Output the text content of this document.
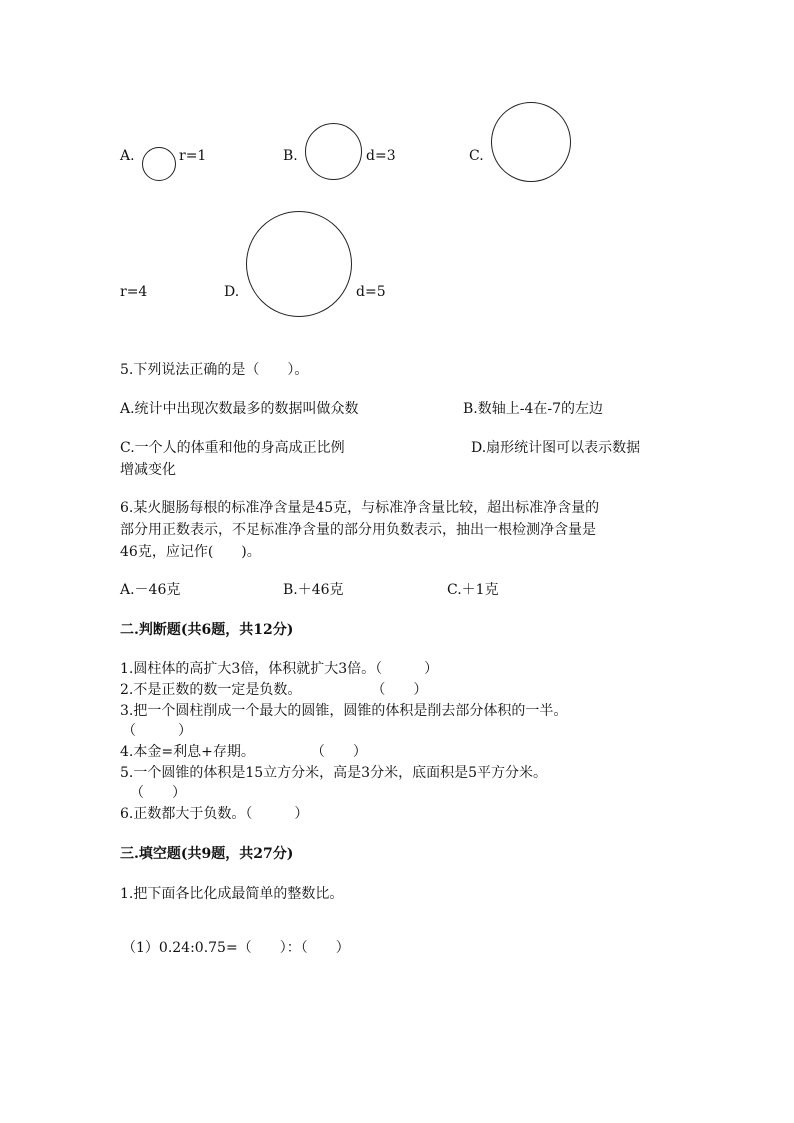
A.	r=1	B.	d=3	C.
r=4	D.	d=5
5.下列说法正确的是（　　）。
A.统计中出现次数最多的数据叫做众数	B.数轴上-4在-7的左边
C.一个人的体重和他的身高成正比例	D.扇形统计图可以表示数据
增减变化
6.某火腿肠每根的标准净含量是45克，与标准净含量比较，超出标准净含量的
部分用正数表示，不足标准净含量的部分用负数表示，抽出一根检测净含量是
46克，应记作(　　)。
A.－46克	B.＋46克	C.＋1克
二.判断题(共6题，共12分)
1.圆柱体的高扩大3倍，体积就扩大3倍。（　　　）
2.不是正数的数一定是负数。　　　　　　（　　）
3.把一个圆柱削成一个最大的圆锥，圆锥的体积是削去部分体积的一半。
（　　　）
4.本金=利息+存期。　　　　　（　　）
5.一个圆锥的体积是15立方分米，高是3分米，底面积是5平方分米。
（　　）
6.正数都大于负数。（　　　）
三.填空题(共9题，共27分)
1.把下面各比化成最简单的整数比。
（1）0.24:0.75=（　　）：（　　）
